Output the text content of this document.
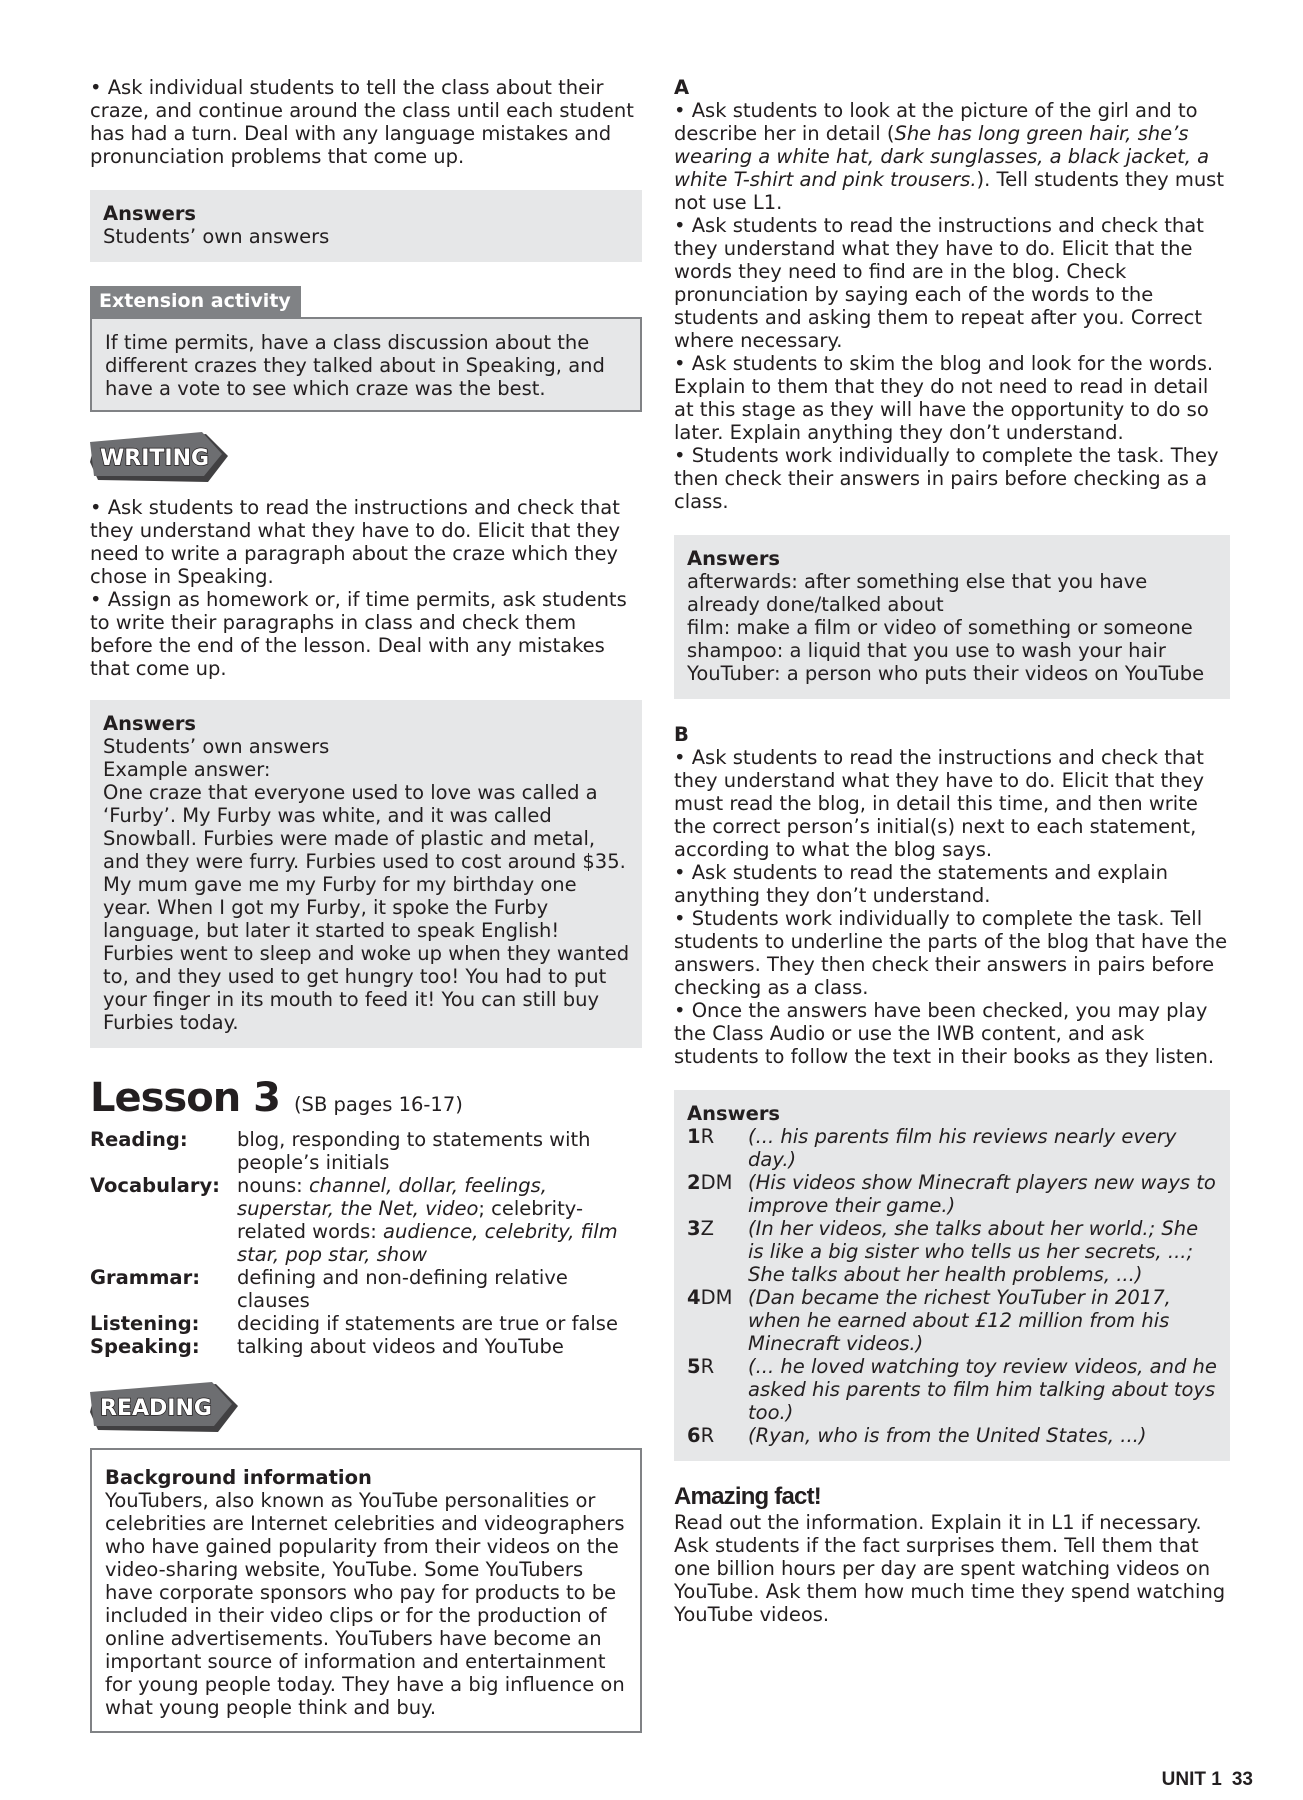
• Ask individual students to tell the class about their craze, and continue around the class until each student has had a turn. Deal with any language mistakes and pronunciation problems that come up.

Answers

Students’ own answers

Extension activity

If time permits, have a class discussion about the different crazes they talked about in Speaking, and have a vote to see which craze was the best.

WRITING

• Ask students to read the instructions and check that they understand what they have to do. Elicit that they need to write a paragraph about the craze which they chose in Speaking.

• Assign as homework or, if time permits, ask students to write their paragraphs in class and check them before the end of the lesson. Deal with any mistakes that come up.

Answers

Students’ own answers

Example answer:

One craze that everyone used to love was called a ‘Furby’. My Furby was white, and it was called Snowball. Furbies were made of plastic and metal, and they were furry. Furbies used to cost around $35. My mum gave me my Furby for my birthday one year. When I got my Furby, it spoke the Furby language, but later it started to speak English! Furbies went to sleep and woke up when they wanted to, and they used to get hungry too! You had to put your finger in its mouth to feed it! You can still buy Furbies today.

Lesson 3 (SB pages 16-17)
Reading:	blog, responding to statements with people’s initials
Vocabulary: nouns: channel, dollar, feelings, superstar, the Net, video; celebrity-related words: audience, celebrity, film star, pop star, show
Grammar:	defining and non-defining relative clauses
Listening:	deciding if statements are true or false
Speaking:	talking about videos and YouTube
READING

Background information

YouTubers, also known as YouTube personalities or celebrities are Internet celebrities and videographers who have gained popularity from their videos on the video-sharing website, YouTube. Some YouTubers have corporate sponsors who pay for products to be included in their video clips or for the production of online advertisements. YouTubers have become an important source of information and entertainment for young people today. They have a big influence on what young people think and buy.

A

• Ask students to look at the picture of the girl and to describe her in detail (She has long green hair, she’s wearing a white hat, dark sunglasses, a black jacket, a white T-shirt and pink trousers.). Tell students they must not use L1.

• Ask students to read the instructions and check that they understand what they have to do. Elicit that the words they need to find are in the blog. Check pronunciation by saying each of the words to the students and asking them to repeat after you. Correct where necessary.

• Ask students to skim the blog and look for the words. Explain to them that they do not need to read in detail at this stage as they will have the opportunity to do so later. Explain anything they don’t understand.

• Students work individually to complete the task. They then check their answers in pairs before checking as a class.

Answers

afterwards: after something else that you have already done/talked about

film: make a film or video of something or someone

shampoo: a liquid that you use to wash your hair

YouTuber: a person who puts their videos on YouTube

B

• Ask students to read the instructions and check that they understand what they have to do. Elicit that they must read the blog, in detail this time, and then write the correct person’s initial(s) next to each statement, according to what the blog says.

• Ask students to read the statements and explain anything they don’t understand.

• Students work individually to complete the task. Tell students to underline the parts of the blog that have the answers. They then check their answers in pairs before checking as a class.

• Once the answers have been checked, you may play the Class Audio or use the IWB content, and ask students to follow the text in their books as they listen.

Answers

1R	(... his parents film his reviews nearly every day.)
2DM (His videos show Minecraft players new ways to improve their game.)
3Z	(In her videos, she talks about her world.; She is like a big sister who tells us her secrets, ...; She talks about her health problems, ...)
4DM (Dan became the richest YouTuber in 2017, when he earned about £12 million from his Minecraft videos.)
5R	(... he loved watching toy review videos, and he asked his parents to film him talking about toys too.)
6R	(Ryan, who is from the United States, ...)

Amazing fact!

Read out the information. Explain it in L1 if necessary. Ask students if the fact surprises them. Tell them that one billion hours per day are spent watching videos on YouTube. Ask them how much time they spend watching YouTube videos.

UNIT 1 33
